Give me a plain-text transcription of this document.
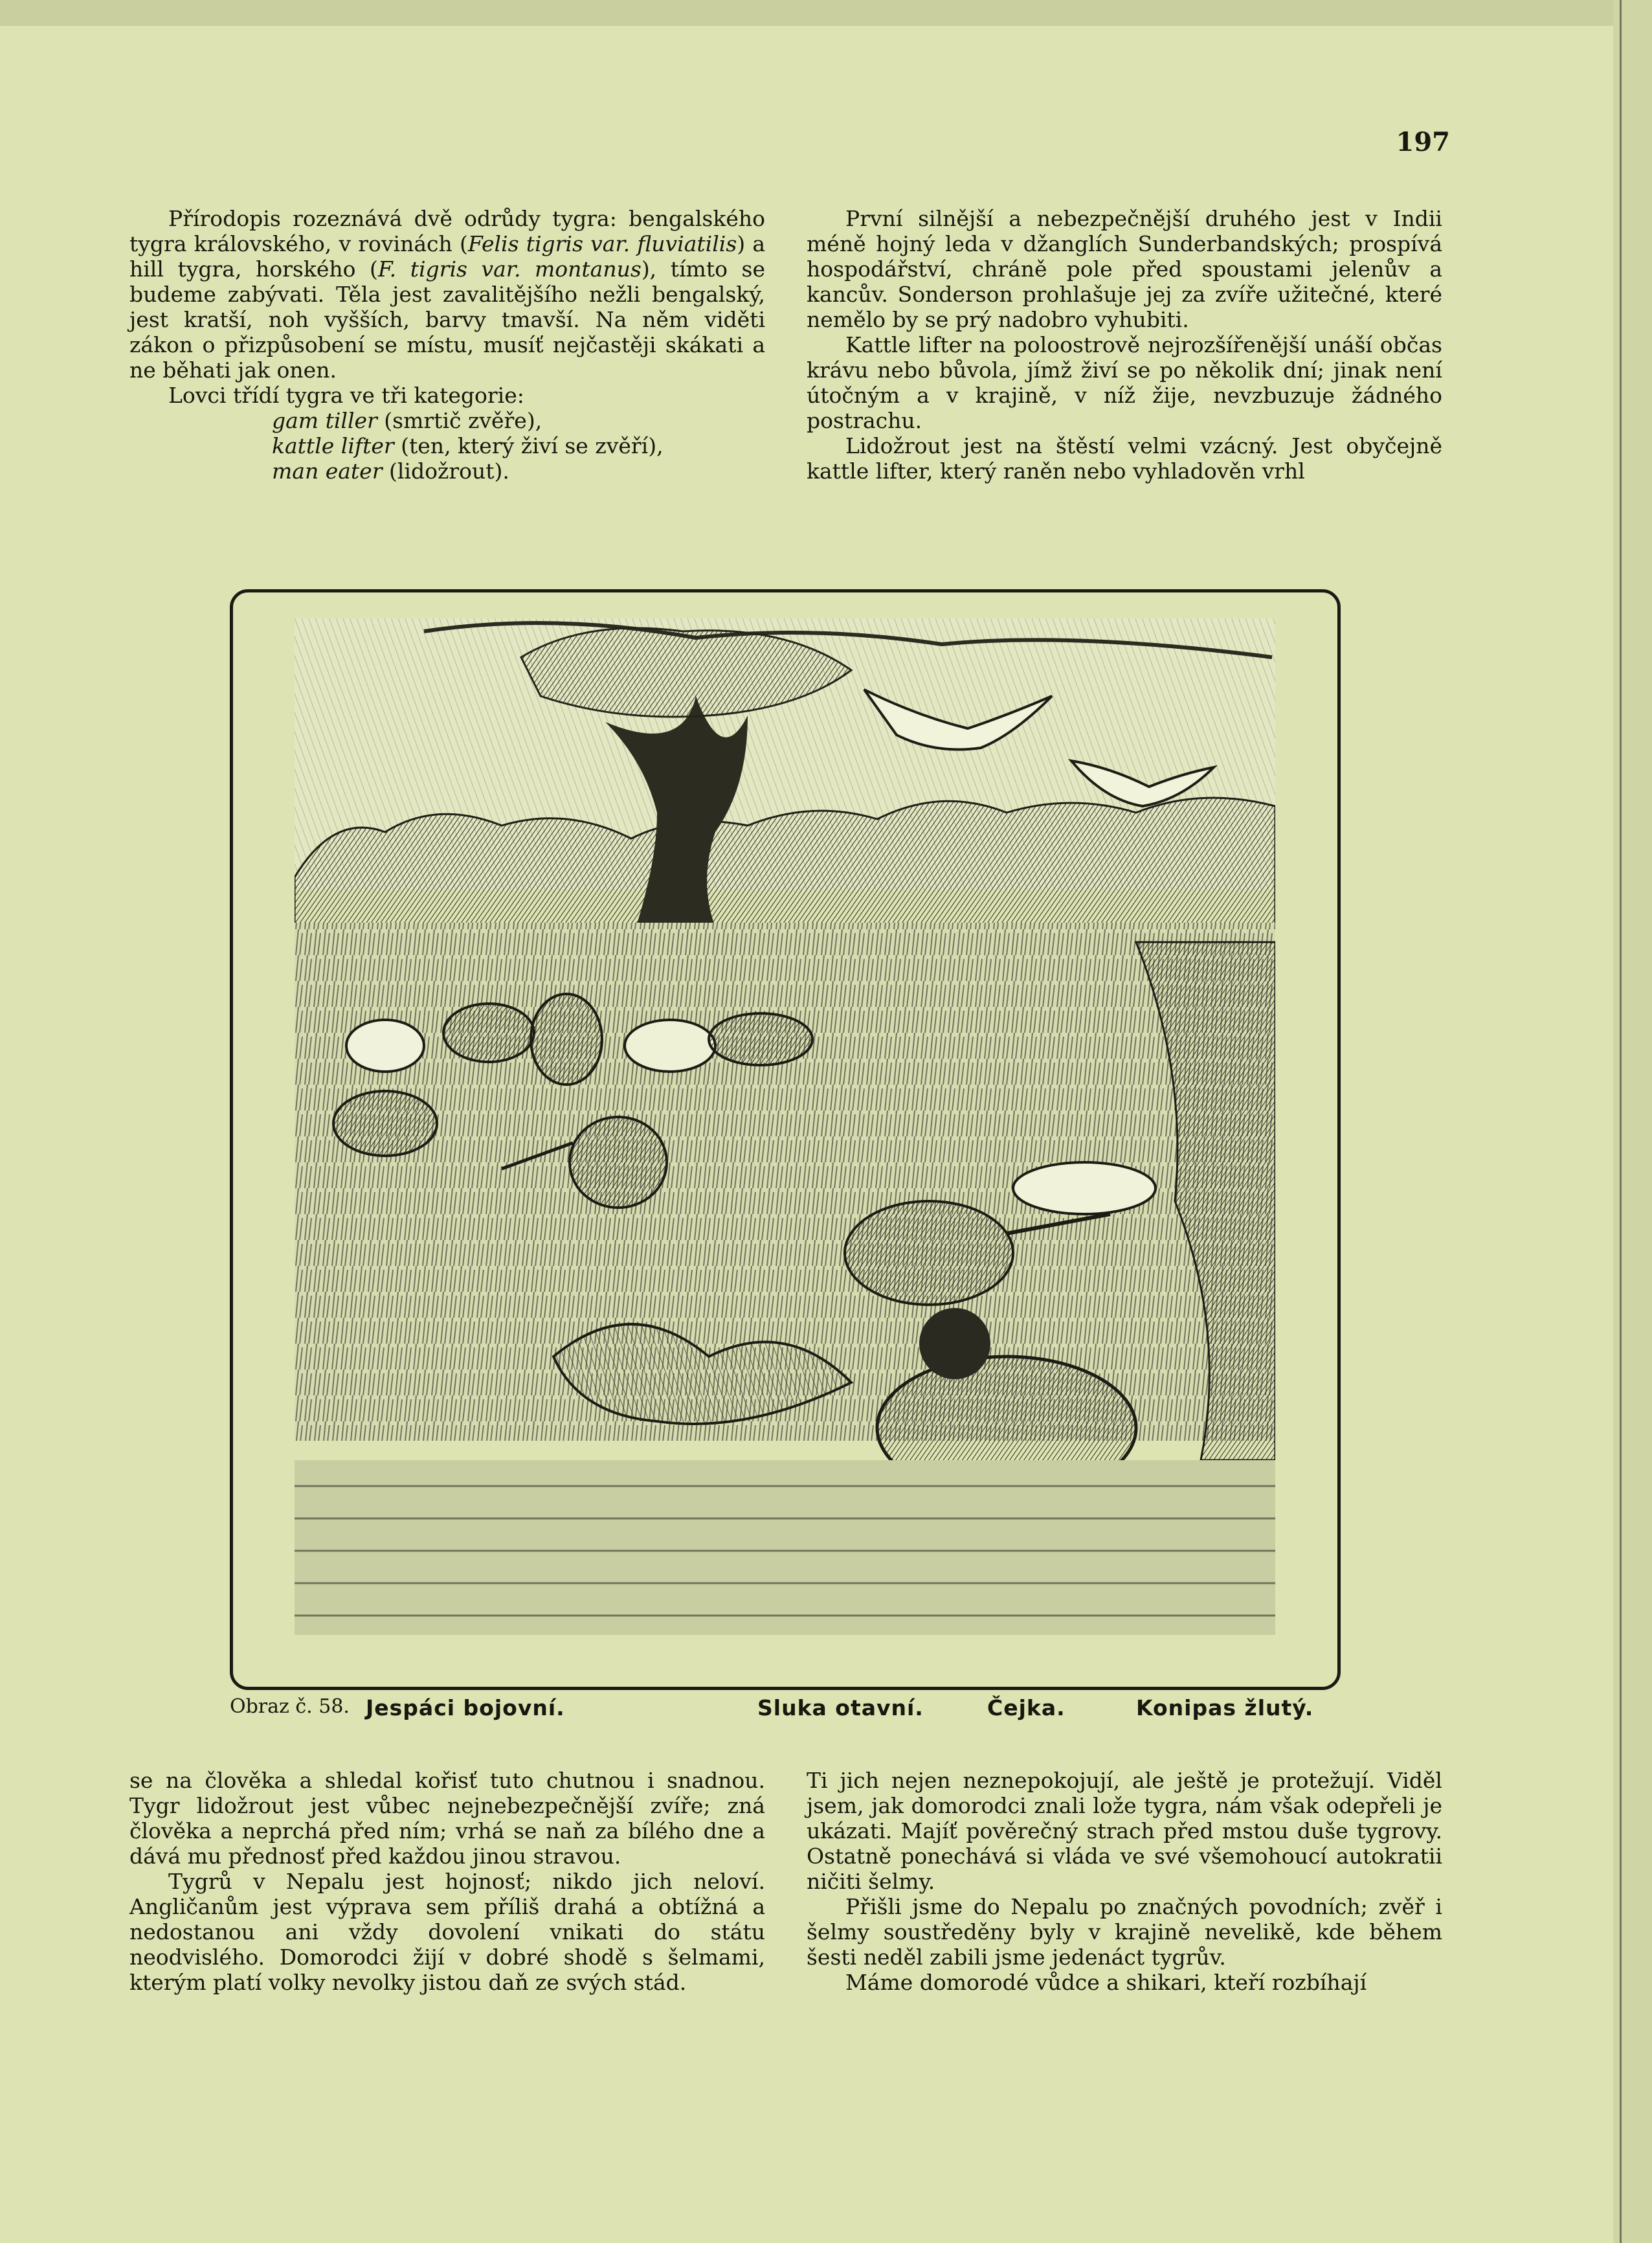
197

Přírodopis rozeznává dvě odrůdy tygra: bengalského tygra královského, v rovinách (Felis tigris var. fluviatilis) a hill tygra, horského (F. tigris var. montanus), tímto se budeme zabývati. Těla jest zavalitějšího nežli bengalský, jest kratší, noh vyšších, barvy tmavší. Na něm viděti zákon o přizpůsobení se místu, musíť nejčastěji skákati a ne běhati jak onen.

Lovci třídí tygra ve tři kategorie:

gam tiller (smrtič zvěře),

kattle lifter (ten, který živí se zvěří),

man eater (lidožrout).

První silnější a nebezpečnější druhého jest v Indii méně hojný leda v džanglích Sunderbandských; prospívá hospodářství, chráně pole před spoustami jelenův a kancův. Sonderson prohlašuje jej za zvíře užitečné, které nemělo by se prý nadobro vyhubiti.

Kattle lifter na poloostrově nejrozšířenější unáší občas krávu nebo bůvola, jímž živí se po několik dní; jinak není útočným a v krajině, v níž žije, nevzbuzuje žádného postrachu.

Lidožrout jest na štěstí velmi vzácný. Jest obyčejně kattle lifter, který raněn nebo vyhladověn vrhl

Obraz č. 58. Jespáci bojovní.	Sluka otavní.	Čejka.	Konipas žlutý.

se na člověka a shledal kořisť tuto chutnou i snadnou. Tygr lidožrout jest vůbec nejnebezpečnější zvíře; zná člověka a neprchá před ním; vrhá se naň za bílého dne a dává mu přednosť před každou jinou stravou.

Tygrů v Nepalu jest hojnosť; nikdo jich neloví. Angličanům jest výprava sem příliš drahá a obtížná a nedostanou ani vždy dovolení vnikati do státu neodvislého. Domorodci žijí v dobré shodě s šelmami, kterým platí volky nevolky jistou daň ze svých stád.

Ti jich nejen neznepokojují, ale ještě je protežují. Viděl jsem, jak domorodci znali lože tygra, nám však odepřeli je ukázati. Majíť pověrečný strach před mstou duše tygrovy. Ostatně ponechává si vláda ve své všemohoucí autokratii ničiti šelmy.

Přišli jsme do Nepalu po značných povodních; zvěř i šelmy soustředěny byly v krajině nevelikě, kde během šesti neděl zabili jsme jedenáct tygrův.

Máme domorodé vůdce a shikari, kteří rozbíhají
